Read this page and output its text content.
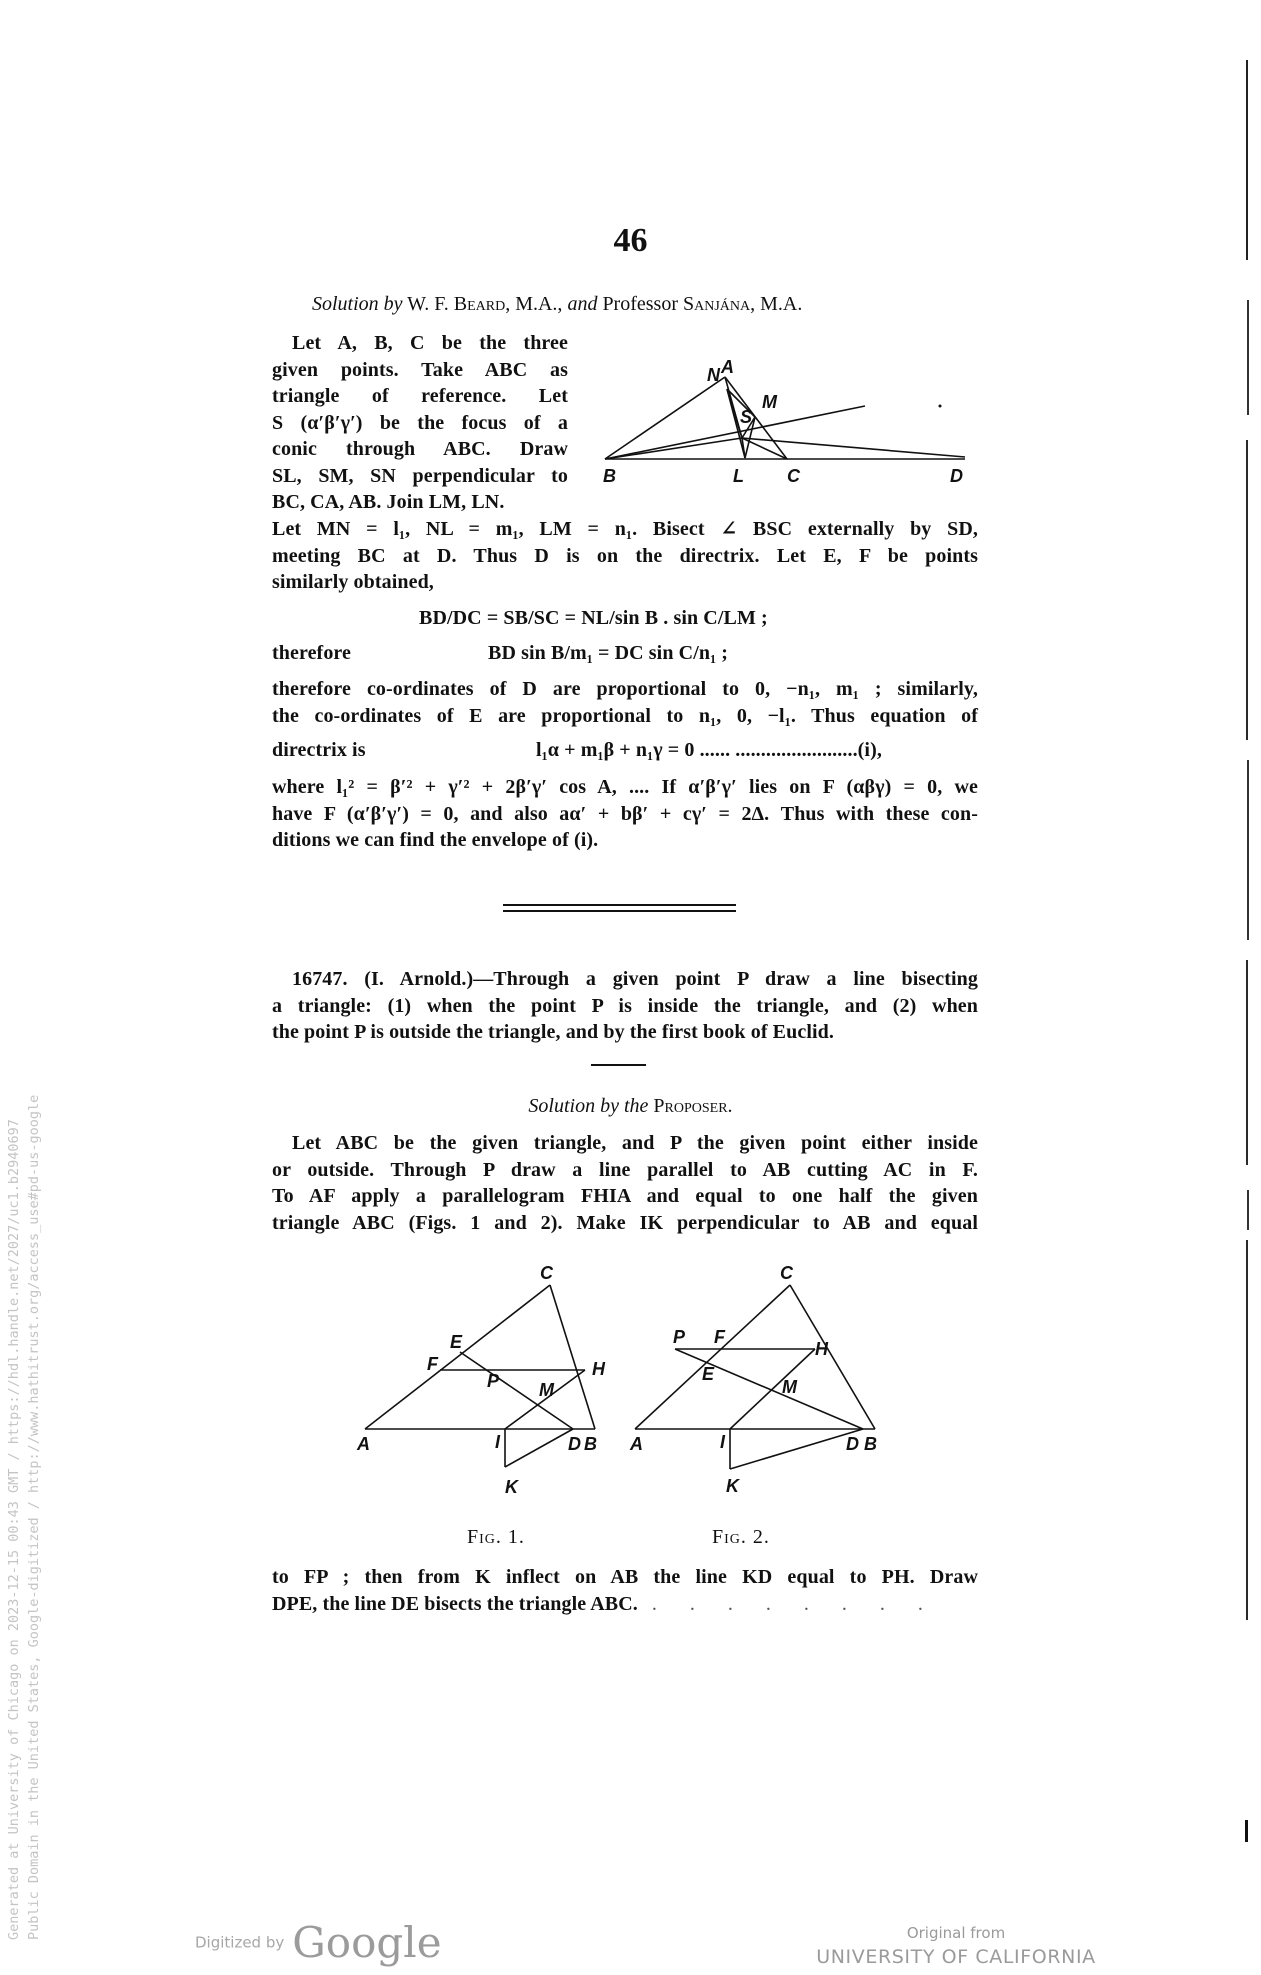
46
Solution by W. F. Beard, M.A., and Professor Sanjána, M.A.
Let A, B, C be the three
given points. Take ABC as
triangle of reference. Let
S (α′β′γ′) be the focus of a
conic through ABC. Draw
SL, SM, SN perpendicular to
BC, CA, AB. Join LM, LN.
N A
M
S
B	L C	D
Let MN = l₁, NL = m₁, LM = n₁. Bisect ∠ BSC externally by SD,
meeting BC at D. Thus D is on the directrix. Let E, F be points
similarly obtained,
BD/DC = SB/SC = NL/sin B . sin C/LM ;
therefore	BD sin B/m₁ = DC sin C/n₁ ;
therefore co-ordinates of D are proportional to 0, −n₁, m₁ ; similarly,
the co-ordinates of E are proportional to n₁, 0, −l₁. Thus equation of
directrix is	l₁α + m₁β + n₁γ = 0 ...... ........................(i),
where l₁² = β′² + γ′² + 2β′γ′ cos A, .... If α′β′γ′ lies on F (αβγ) = 0, we
have F (α′β′γ′) = 0, and also aα′ + bβ′ + cγ′ = 2Δ. Thus with these con-
ditions we can find the envelope of (i).
16747. (I. Arnold.)—Through a given point P draw a line bisecting
a triangle: (1) when the point P is inside the triangle, and (2) when
the point P is outside the triangle, and by the first book of Euclid.
Solution by the Proposer.
Let ABC be the given triangle, and P the given point either inside
or outside. Through P draw a line parallel to AB cutting AC in F.
To AF apply a parallelogram FHIA and equal to one half the given
triangle ABC (Figs. 1 and 2). Make IK perpendicular to AB and equal
C
E
F
P
H
M
A	I	D B
K
C
P F
H
E
M
A	I	D B
K
Fig. 1.	Fig. 2.
to FP ; then from K inflect on AB the line KD equal to PH. Draw
DPE, the line DE bisects the triangle ABC. . . . . . . . .
Generated at University of Chicago on 2023-12-15 00:43 GMT / https://hdl.handle.net/2027/uc1.b2940697 Public Domain in the United States, Google-digitized / http://www.hathitrust.org/access_use#pd-us-google
Digitized by Google	Original from
UNIVERSITY OF CALIFORNIA
